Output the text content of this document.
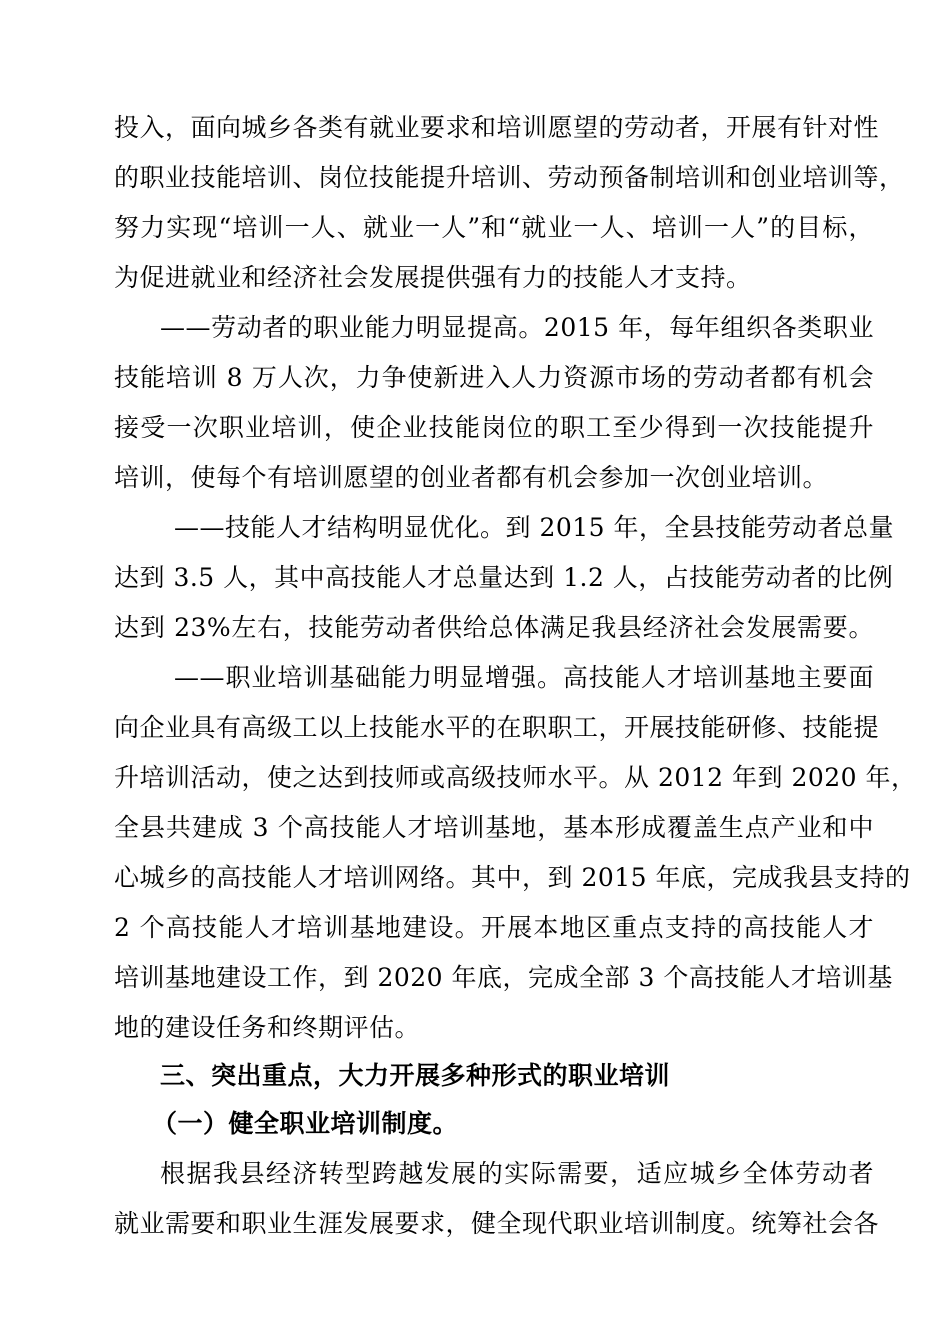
投入，面向城乡各类有就业要求和培训愿望的劳动者，开展有针对性
的职业技能培训、岗位技能提升培训、劳动预备制培训和创业培训等，
努力实现“培训一人、就业一人”和“就业一人、培训一人”的目标，
为促进就业和经济社会发展提供强有力的技能人才支持。
——劳动者的职业能力明显提高。2015 年，每年组织各类职业
技能培训 8 万人次，力争使新进入人力资源市场的劳动者都有机会
接受一次职业培训，使企业技能岗位的职工至少得到一次技能提升
培训，使每个有培训愿望的创业者都有机会参加一次创业培训。
——技能人才结构明显优化。到 2015 年，全县技能劳动者总量
达到 3.5 人，其中高技能人才总量达到 1.2 人，占技能劳动者的比例
达到 23%左右，技能劳动者供给总体满足我县经济社会发展需要。
——职业培训基础能力明显增强。高技能人才培训基地主要面
向企业具有高级工以上技能水平的在职职工，开展技能研修、技能提
升培训活动，使之达到技师或高级技师水平。从 2012 年到 2020 年，
全县共建成 3 个高技能人才培训基地，基本形成覆盖生点产业和中
心城乡的高技能人才培训网络。其中，到 2015 年底，完成我县支持的
2 个高技能人才培训基地建设。开展本地区重点支持的高技能人才
培训基地建设工作，到 2020 年底，完成全部 3 个高技能人才培训基
地的建设任务和终期评估。
三、突出重点，大力开展多种形式的职业培训
（一）健全职业培训制度。
根据我县经济转型跨越发展的实际需要，适应城乡全体劳动者
就业需要和职业生涯发展要求，健全现代职业培训制度。统筹社会各
